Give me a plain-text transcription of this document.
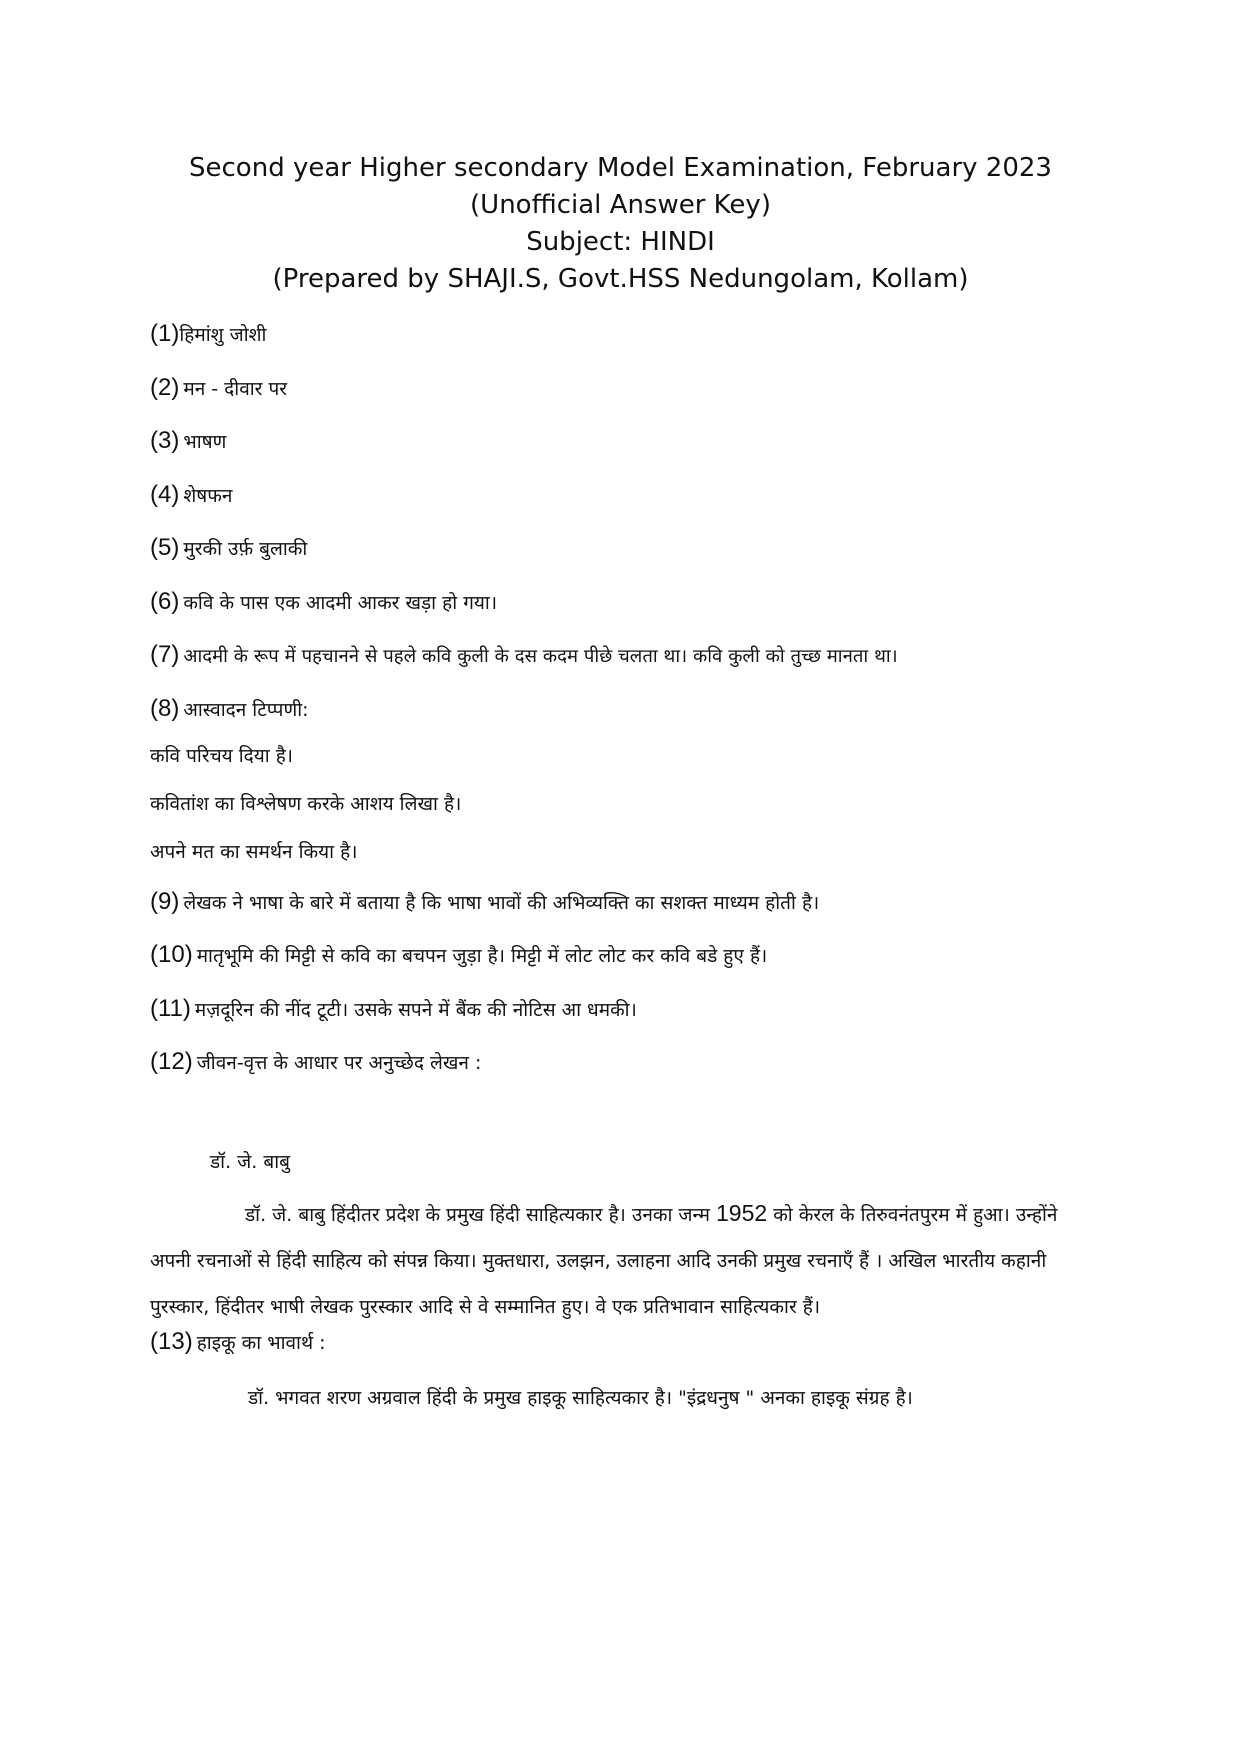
Second year Higher secondary Model Examination, February 2023
(Unofficial Answer Key)
Subject: HINDI
(Prepared by SHAJI.S, Govt.HSS Nedungolam, Kollam)
(1)हिमांशु जोशी
(2) मन - दीवार पर
(3) भाषण
(4) शेषफन
(5) मुरकी उर्फ़ बुलाकी
(6) कवि के पास एक आदमी आकर खड़ा हो गया।
(7) आदमी के रूप में पहचानने से पहले कवि कुली के दस कदम पीछे चलता था। कवि कुली को तुच्छ मानता था।
(8) आस्वादन टिप्पणी:
कवि परिचय दिया है।
कवितांश का विश्लेषण करके आशय लिखा है।
अपने मत का समर्थन किया है।
(9) लेखक ने भाषा के बारे में बताया है कि भाषा भावों की अभिव्यक्ति का सशक्त माध्यम होती है।
(10) मातृभूमि की मिट्टी से कवि का बचपन जुड़ा है। मिट्टी में लोट लोट कर कवि बडे हुए हैं।
(11) मज़दूरिन की नींद टूटी। उसके सपने में बैंक की नोटिस आ धमकी।
(12) जीवन-वृत्त के आधार पर अनुच्छेद लेखन :
डॉ. जे. बाबु
डॉ. जे. बाबु हिंदीतर प्रदेश के प्रमुख हिंदी साहित्यकार है। उनका जन्म 1952 को केरल के तिरुवनंतपुरम में हुआ। उन्होंने अपनी रचनाओं से हिंदी साहित्य को संपन्न किया। मुक्तधारा, उलझन, उलाहना आदि उनकी प्रमुख रचनाएँ हैं । अखिल भारतीय कहानी पुरस्कार, हिंदीतर भाषी लेखक पुरस्कार आदि से वे सम्मानित हुए। वे एक प्रतिभावान साहित्यकार हैं।
(13) हाइकू का भावार्थ :
डॉ. भगवत शरण अग्रवाल हिंदी के प्रमुख हाइकू साहित्यकार है। "इंद्रधनुष " अनका हाइकू संग्रह है।
